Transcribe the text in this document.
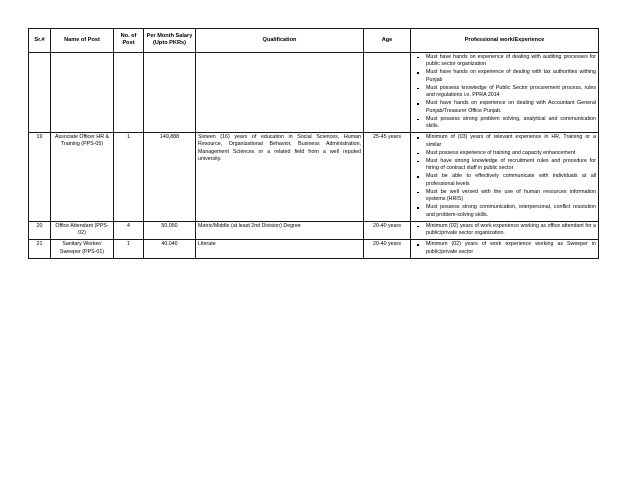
Sr.#	Name of Post	No. of Post	Per Month Salary (Upto PKRs)	Qualification	Age	Professional work/Experience

Must have hands on experience of dealing with auditing processes for public sector organization
Must have hands on experience of dealing with tax authorities withing Punjab
Must possess knowledge of Public Sector procurement process, rules and regulations i.e. PPRA 2014
Must have hands on experience on dealing with Accountant General Punjab/Treasurer Office Punjab.
Must possess strong problem solving, analytical and communication skills.

19	Associate Officer HR & Training (PPS-05)	1	149,888	Sixteen (16) years of education in Social Sciences, Human Resource, Organizational Behavior, Business Administration, Management Sciences or a related field from a well reputed university.	25-45 years	Minimum of (03) years of relevant experience in HR, Training or a similar
Must possess experience of training and capacity enhancement
Must have strong knowledge of recruitment rules and procedure for hiring of contract staff in public sector
Must be able to effectively communicate with individuals at all professional levels
Must be well versed with the use of human resources information systems (HRIS)
Must possess strong communication, interpersonal, conflict resolution and problem-solving skills.

20	Office Attendant (PPS-02)	4	50,050	Matric/Middle (at least 2nd Division) Degree	20-40 years	Minimum (02) years of work experience working as office attendant for a public/private sector organization.

21	Sanitary Worker/ Sweeper (PPS-01)	1	40,040	Literate	20-40 years	Minimum (02) years of work experience working as Sweeper in public/private sector
